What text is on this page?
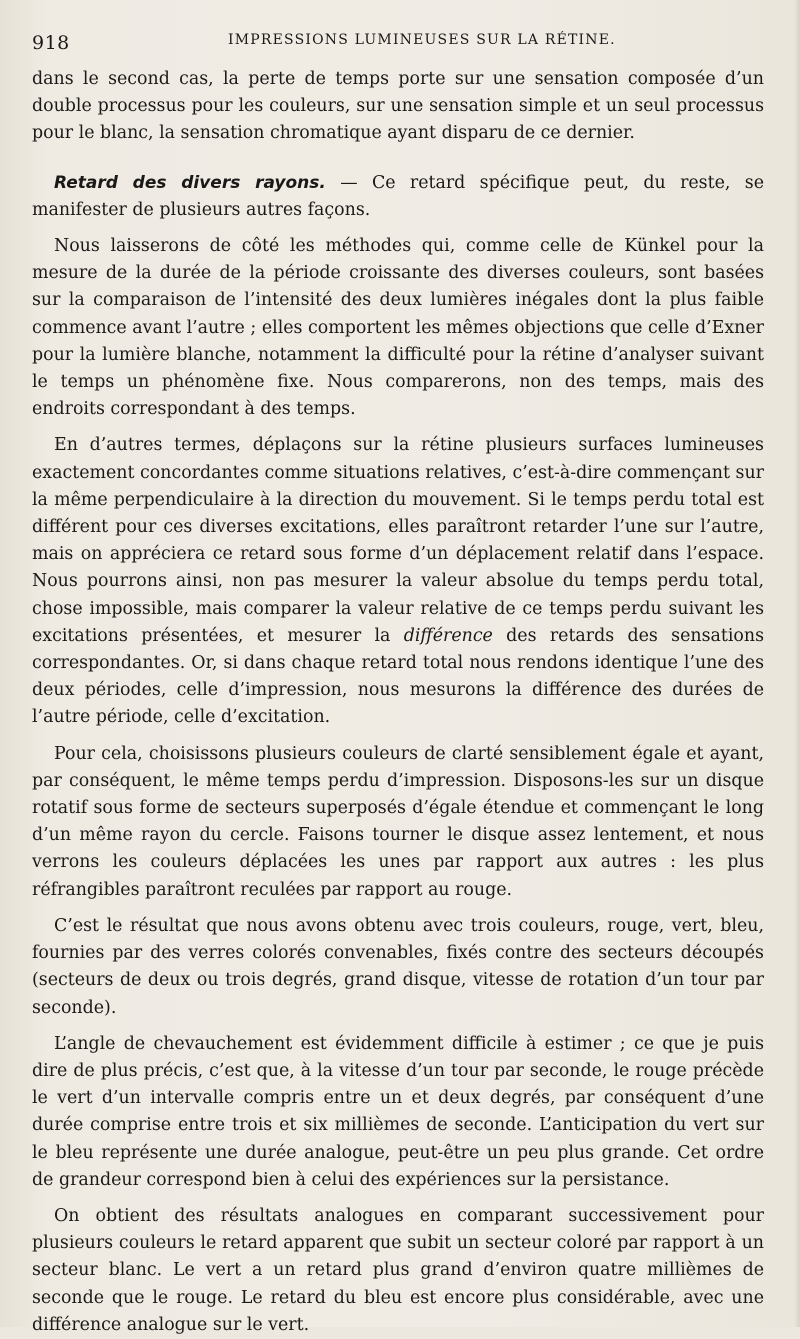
918	IMPRESSIONS LUMINEUSES SUR LA RÉTINE.

dans le second cas, la perte de temps porte sur une sensation composée d’un double processus pour les couleurs, sur une sensation simple et un seul processus pour le blanc, la sensation chromatique ayant disparu de ce dernier.

Retard des divers rayons. — Ce retard spécifique peut, du reste, se manifester de plusieurs autres façons.

Nous laisserons de côté les méthodes qui, comme celle de Künkel pour la mesure de la durée de la période croissante des diverses couleurs, sont basées sur la comparaison de l’intensité des deux lumières inégales dont la plus faible commence avant l’autre ; elles comportent les mêmes objections que celle d’Exner pour la lumière blanche, notamment la difficulté pour la rétine d’analyser suivant le temps un phénomène fixe. Nous comparerons, non des temps, mais des endroits correspondant à des temps.

En d’autres termes, déplaçons sur la rétine plusieurs surfaces lumineuses exactement concordantes comme situations relatives, c’est-à-dire commençant sur la même perpendiculaire à la direction du mouvement. Si le temps perdu total est différent pour ces diverses excitations, elles paraîtront retarder l’une sur l’autre, mais on appréciera ce retard sous forme d’un déplacement relatif dans l’espace. Nous pourrons ainsi, non pas mesurer la valeur absolue du temps perdu total, chose impossible, mais comparer la valeur relative de ce temps perdu suivant les excitations présentées, et mesurer la différence des retards des sensations correspondantes. Or, si dans chaque retard total nous rendons identique l’une des deux périodes, celle d’impression, nous mesurons la différence des durées de l’autre période, celle d’excitation.

Pour cela, choisissons plusieurs couleurs de clarté sensiblement égale et ayant, par conséquent, le même temps perdu d’impression. Disposons-les sur un disque rotatif sous forme de secteurs superposés d’égale étendue et commençant le long d’un même rayon du cercle. Faisons tourner le disque assez lentement, et nous verrons les couleurs déplacées les unes par rapport aux autres : les plus réfrangibles paraîtront reculées par rapport au rouge.

C’est le résultat que nous avons obtenu avec trois couleurs, rouge, vert, bleu, fournies par des verres colorés convenables, fixés contre des secteurs découpés (secteurs de deux ou trois degrés, grand disque, vitesse de rotation d’un tour par seconde).

L’angle de chevauchement est évidemment difficile à estimer ; ce que je puis dire de plus précis, c’est que, à la vitesse d’un tour par seconde, le rouge précède le vert d’un intervalle compris entre un et deux degrés, par conséquent d’une durée comprise entre trois et six millièmes de seconde. L’anticipation du vert sur le bleu représente une durée analogue, peut-être un peu plus grande. Cet ordre de grandeur correspond bien à celui des expériences sur la persistance.

On obtient des résultats analogues en comparant successivement pour plusieurs couleurs le retard apparent que subit un secteur coloré par rapport à un secteur blanc. Le vert a un retard plus grand d’environ quatre millièmes de seconde que le rouge. Le retard du bleu est encore plus considérable, avec une différence analogue sur le vert.
